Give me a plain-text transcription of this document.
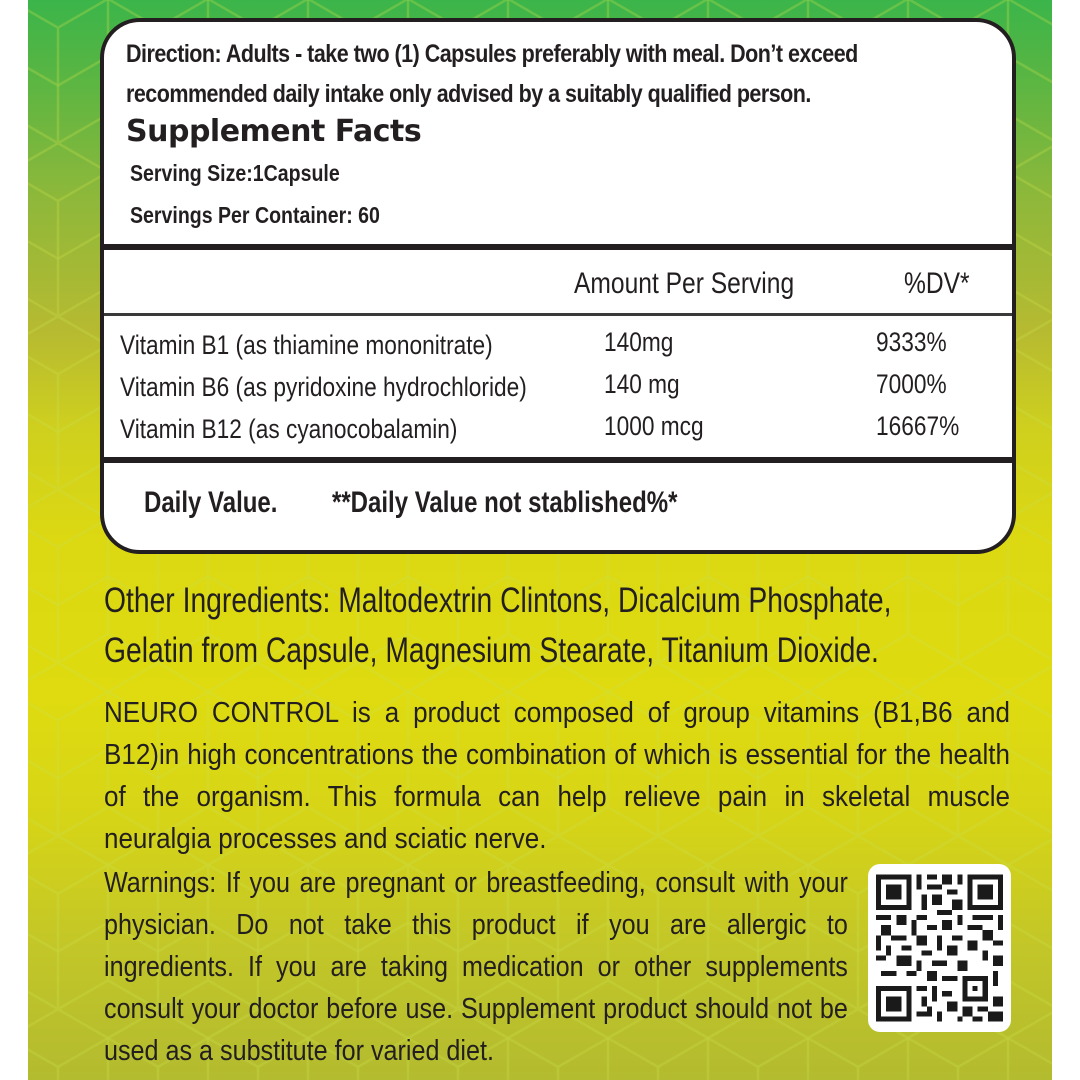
Direction: Adults - take two (1) Capsules preferably with meal. Don’t exceed
recommended daily intake only advised by a suitably qualified person.
Supplement Facts
Serving Size:1Capsule
Servings Per Container: 60
Amount Per Serving	%DV*
Vitamin B1 (as thiamine mononitrate)	140mg	9333%
Vitamin B6 (as pyridoxine hydrochloride)	140 mg	7000%
Vitamin B12 (as cyanocobalamin)	1000 mcg	16667%
Daily Value. **Daily Value not stablished%*
Other Ingredients: Maltodextrin Clintons, Dicalcium Phosphate,
Gelatin from Capsule, Magnesium Stearate, Titanium Dioxide.
NEURO CONTROL is a product composed of group vitamins (B1,B6 and B12)in high concentrations the combination of which is essential for the health of the organism. This formula can help relieve pain in skeletal muscle neuralgia processes and sciatic nerve.
Warnings: If you are pregnant or breastfeeding, consult with your physician. Do not take this product if you are allergic to ingredients. If you are taking medication or other supplements consult your doctor before use. Supplement product should not be used as a substitute for varied diet.
